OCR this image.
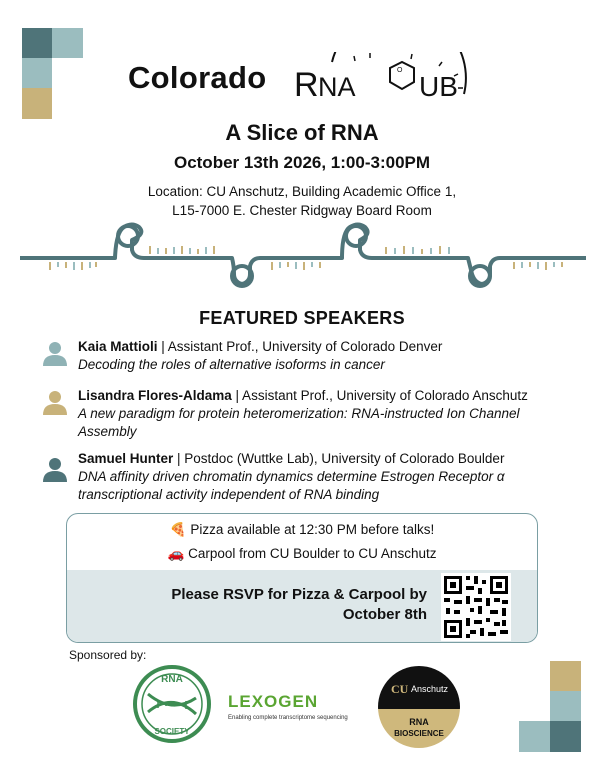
Colorado R NA
O
UB
A Slice of RNA
October 13th 2026, 1:00-3:00PM
Location: CU Anschutz, Building Academic Office 1,
L15-7000 E. Chester Ridgway Board Room
FEATURED SPEAKERS
Kaia Mattioli | Assistant Prof., University of Colorado Denver
Decoding the roles of alternative isoforms in cancer
Lisandra Flores-Aldama | Assistant Prof., University of Colorado Anschutz
A new paradigm for protein heteromerization: RNA-instructed Ion Channel Assembly
Samuel Hunter | Postdoc (Wuttke Lab), University of Colorado Boulder
DNA affinity driven chromatin dynamics determine Estrogen Receptor α transcriptional activity independent of RNA binding
🍕 Pizza available at 12:30 PM before talks!
🚗 Carpool from CU Boulder to CU Anschutz
Please RSVP for Pizza & Carpool by
October 8th
Sponsored by:
RNA
SOCIETY
LEXOGEN
Enabling complete transcriptome sequencing
CU Anschutz
RNA
BIOSCIENCE
